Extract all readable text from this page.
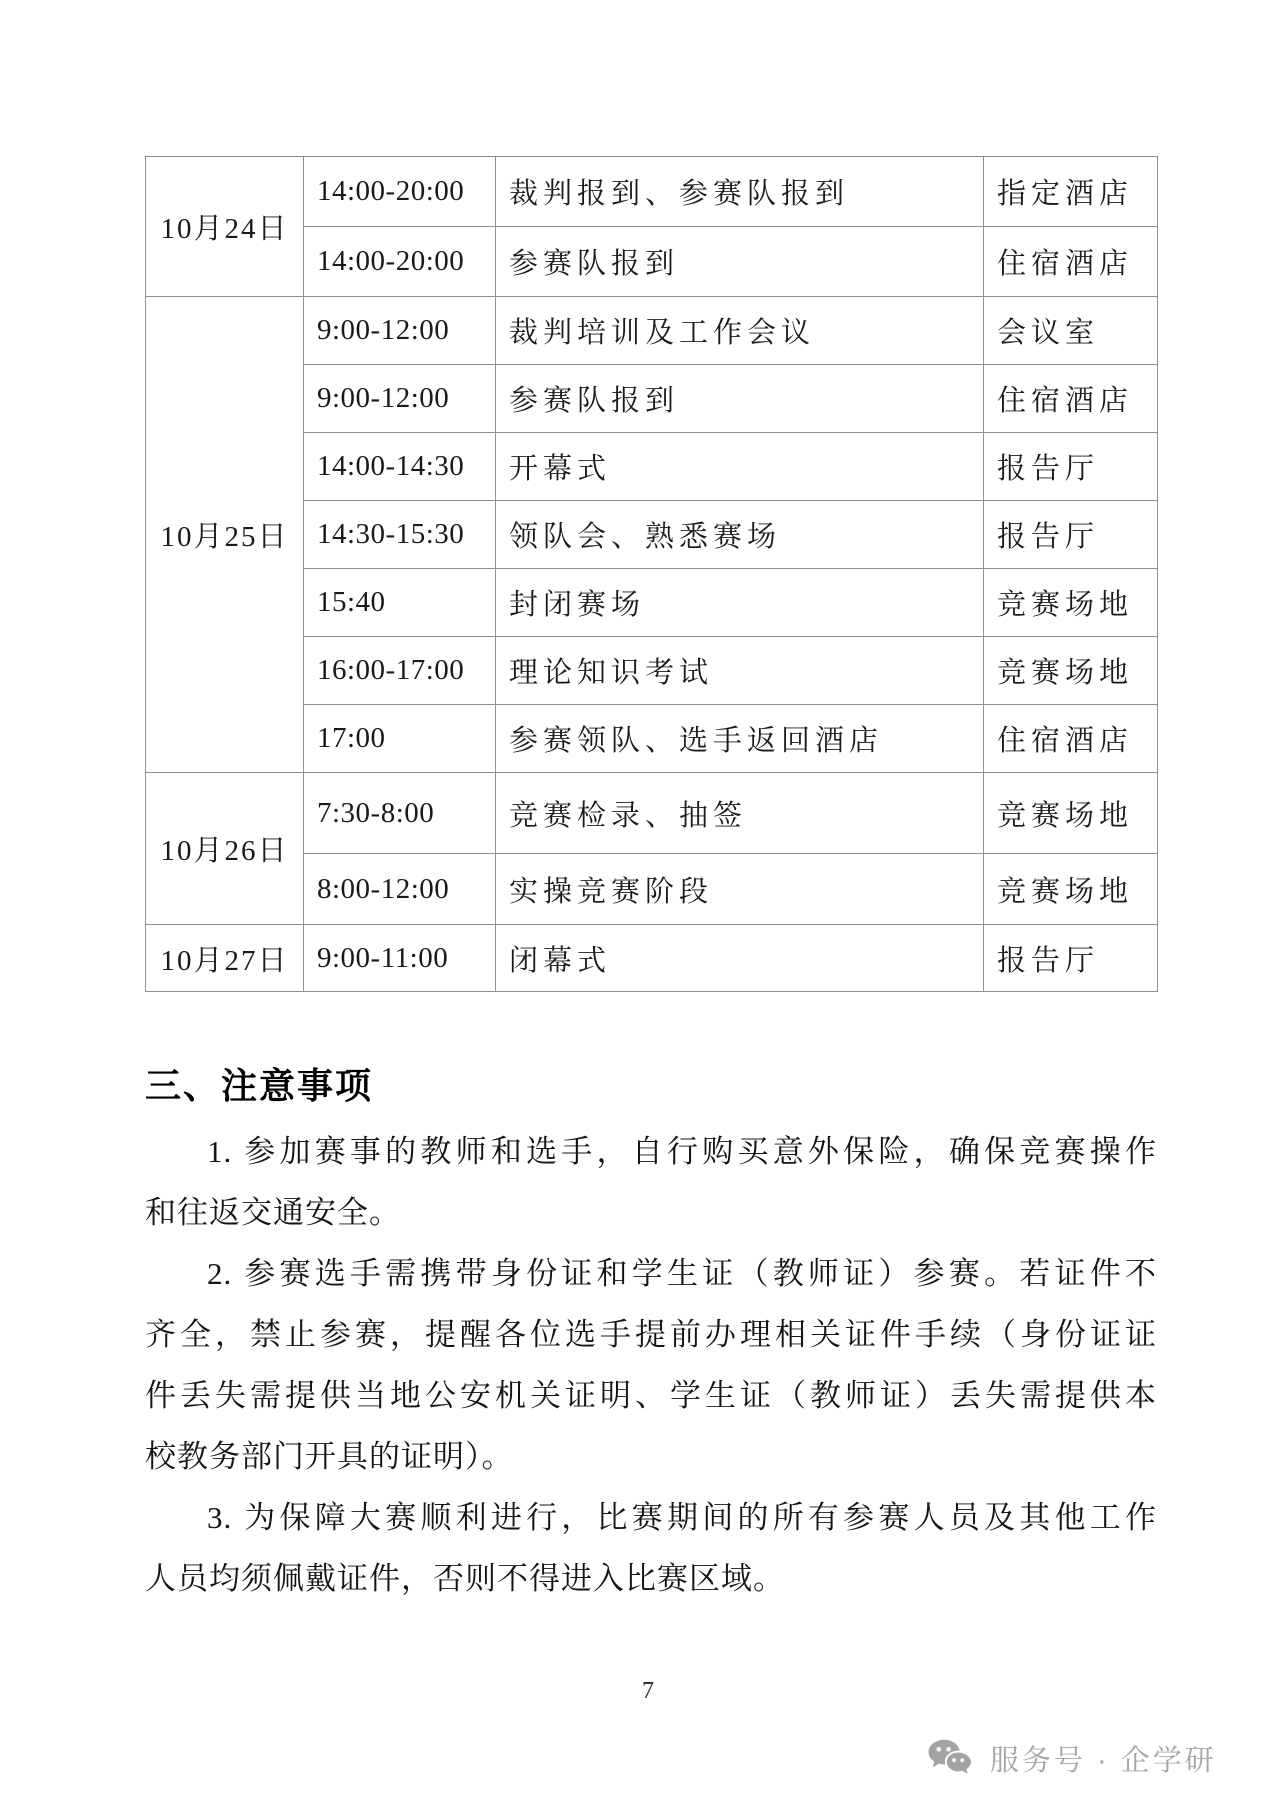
10月24日	14:00-20:00	裁判报到、参赛队报到	指定酒店
	14:00-20:00	参赛队报到	住宿酒店
10月25日	9:00-12:00	裁判培训及工作会议	会议室
	9:00-12:00	参赛队报到	住宿酒店
	14:00-14:30	开幕式	报告厅
	14:30-15:30	领队会、熟悉赛场	报告厅
	15:40	封闭赛场	竞赛场地
	16:00-17:00	理论知识考试	竞赛场地
	17:00	参赛领队、选手返回酒店	住宿酒店
10月26日	7:30-8:00	竞赛检录、抽签	竞赛场地
	8:00-12:00	实操竞赛阶段	竞赛场地
10月27日	9:00-11:00	闭幕式	报告厅
三、注意事项
1. 参加赛事的教师和选手，自行购买意外保险，确保竞赛操作
和往返交通安全。
2. 参赛选手需携带身份证和学生证（教师证）参赛。若证件不
齐全，禁止参赛，提醒各位选手提前办理相关证件手续（身份证证
件丢失需提供当地公安机关证明、学生证（教师证）丢失需提供本
校教务部门开具的证明）。
3. 为保障大赛顺利进行，比赛期间的所有参赛人员及其他工作
人员均须佩戴证件，否则不得进入比赛区域。
7
服务号 · 企学研
